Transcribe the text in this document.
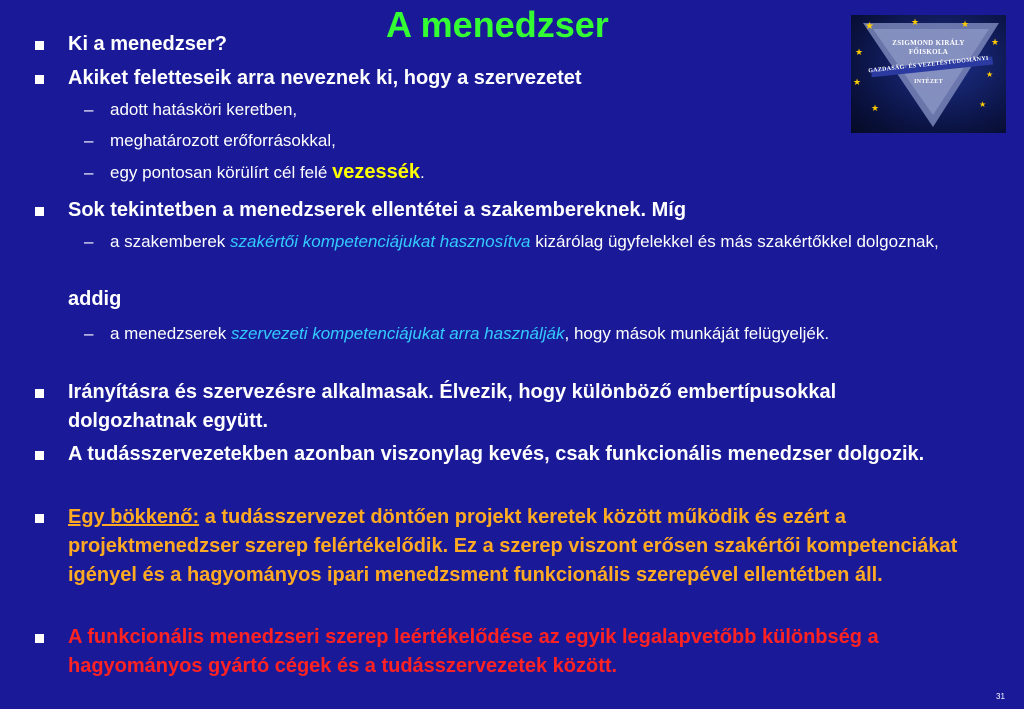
A menedzser	★	★	★
★
★
★
★
★
★
ZSIGMOND KIRÁLY
FŐISKOLA
GAZDASÁG- ÉS VEZETÉSTUDOMÁNYI
INTÉZET
Ki a menedzser?
Akiket feletteseik arra neveznek ki, hogy a szervezetet
– adott hatásköri keretben,
– meghatározott erőforrásokkal,
– egy pontosan körülírt cél felé vezessék.
Sok tekintetben a menedzserek ellentétei a szakembereknek. Míg
– a szakemberek szakértői kompetenciájukat hasznosítva kizárólag ügyfelekkel és más szakértőkkel dolgoznak,
addig
– a menedzserek szervezeti kompetenciájukat arra használják, hogy mások munkáját felügyeljék.
Irányításra és szervezésre alkalmasak. Élvezik, hogy különböző embertípusokkal dolgozhatnak együtt.
A tudásszervezetekben azonban viszonylag kevés, csak funkcionális menedzser dolgozik.
Egy bökkenő: a tudásszervezet döntően projekt keretek között működik és ezért a projektmenedzser szerep felértékelődik. Ez a szerep viszont erősen szakértői kompetenciákat igényel és a hagyományos ipari menedzsment funkcionális szerepével ellentétben áll.
A funkcionális menedzseri szerep leértékelődése az egyik legalapvetőbb különbség a hagyományos gyártó cégek és a tudásszervezetek között.
31
